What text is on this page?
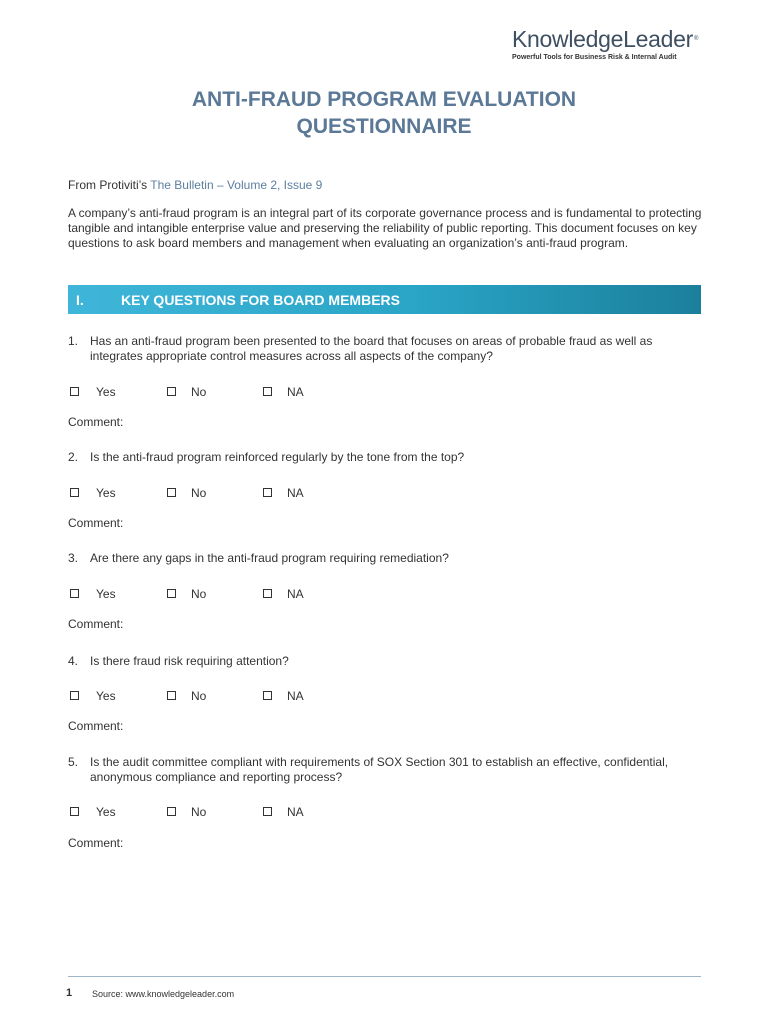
KnowledgeLeader®
Powerful Tools for Business Risk & Internal Audit
ANTI-FRAUD PROGRAM EVALUATION
QUESTIONNAIRE
From Protiviti’s The Bulletin – Volume 2, Issue 9

A company’s anti-fraud program is an integral part of its corporate governance process and is fundamental to protecting tangible and intangible enterprise value and preserving the reliability of public reporting. This document focuses on key questions to ask board members and management when evaluating an organization’s anti-fraud program.

I.	KEY QUESTIONS FOR BOARD MEMBERS
1. Has an anti-fraud program been presented to the board that focuses on areas of probable fraud as well as
integrates appropriate control measures across all aspects of the company?
Yes	No	NA
Comment:
2. Is the anti-fraud program reinforced regularly by the tone from the top?
Yes	No	NA
Comment:
3. Are there any gaps in the anti-fraud program requiring remediation?
Yes	No	NA
Comment:
4. Is there fraud risk requiring attention?
Yes	No	NA
Comment:
5. Is the audit committee compliant with requirements of SOX Section 301 to establish an effective, confidential,
anonymous compliance and reporting process?
Yes	No	NA
Comment:
1 Source: www.knowledgeleader.com
